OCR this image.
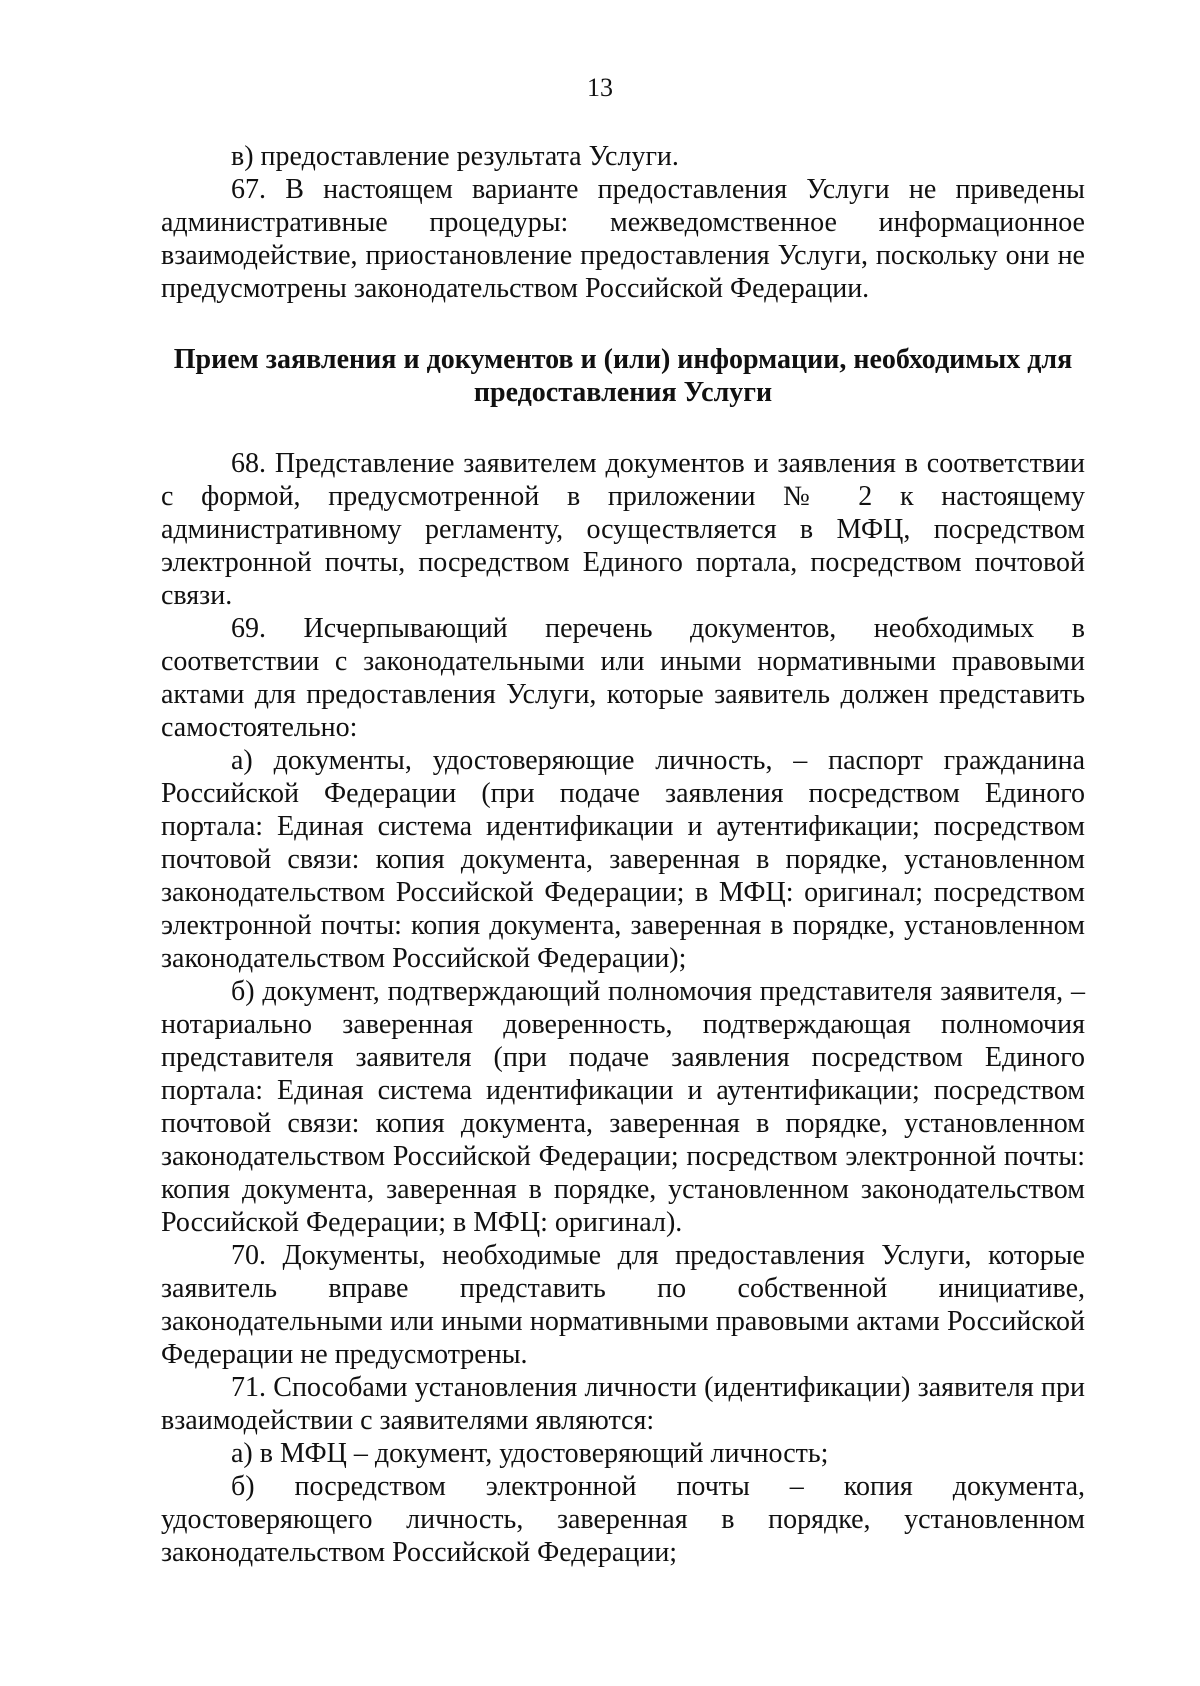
13

в) предоставление результата Услуги.

67. В настоящем варианте предоставления Услуги не приведены административные процедуры: межведомственное информационное взаимодействие, приостановление предоставления Услуги, поскольку они не предусмотрены законодательством Российской Федерации.

Прием заявления и документов и (или) информации, необходимых для предоставления Услуги

68. Представление заявителем документов и заявления в соответствии с формой, предусмотренной в приложении № 2 к настоящему административному регламенту, осуществляется в МФЦ, посредством электронной почты, посредством Единого портала, посредством почтовой связи.

69. Исчерпывающий перечень документов, необходимых в соответствии с законодательными или иными нормативными правовыми актами для предоставления Услуги, которые заявитель должен представить самостоятельно:

а) документы, удостоверяющие личность, – паспорт гражданина Российской Федерации (при подаче заявления посредством Единого портала: Единая система идентификации и аутентификации; посредством почтовой связи: копия документа, заверенная в порядке, установленном законодательством Российской Федерации; в МФЦ: оригинал; посредством электронной почты: копия документа, заверенная в порядке, установленном законодательством Российской Федерации);

б) документ, подтверждающий полномочия представителя заявителя, – нотариально заверенная доверенность, подтверждающая полномочия представителя заявителя (при подаче заявления посредством Единого портала: Единая система идентификации и аутентификации; посредством почтовой связи: копия документа, заверенная в порядке, установленном законодательством Российской Федерации; посредством электронной почты: копия документа, заверенная в порядке, установленном законодательством Российской Федерации; в МФЦ: оригинал).

70. Документы, необходимые для предоставления Услуги, которые заявитель вправе представить по собственной инициативе, законодательными или иными нормативными правовыми актами Российской Федерации не предусмотрены.

71. Способами установления личности (идентификации) заявителя при взаимодействии с заявителями являются:

а) в МФЦ – документ, удостоверяющий личность;

б) посредством электронной почты – копия документа, удостоверяющего личность, заверенная в порядке, установленном законодательством Российской Федерации;
